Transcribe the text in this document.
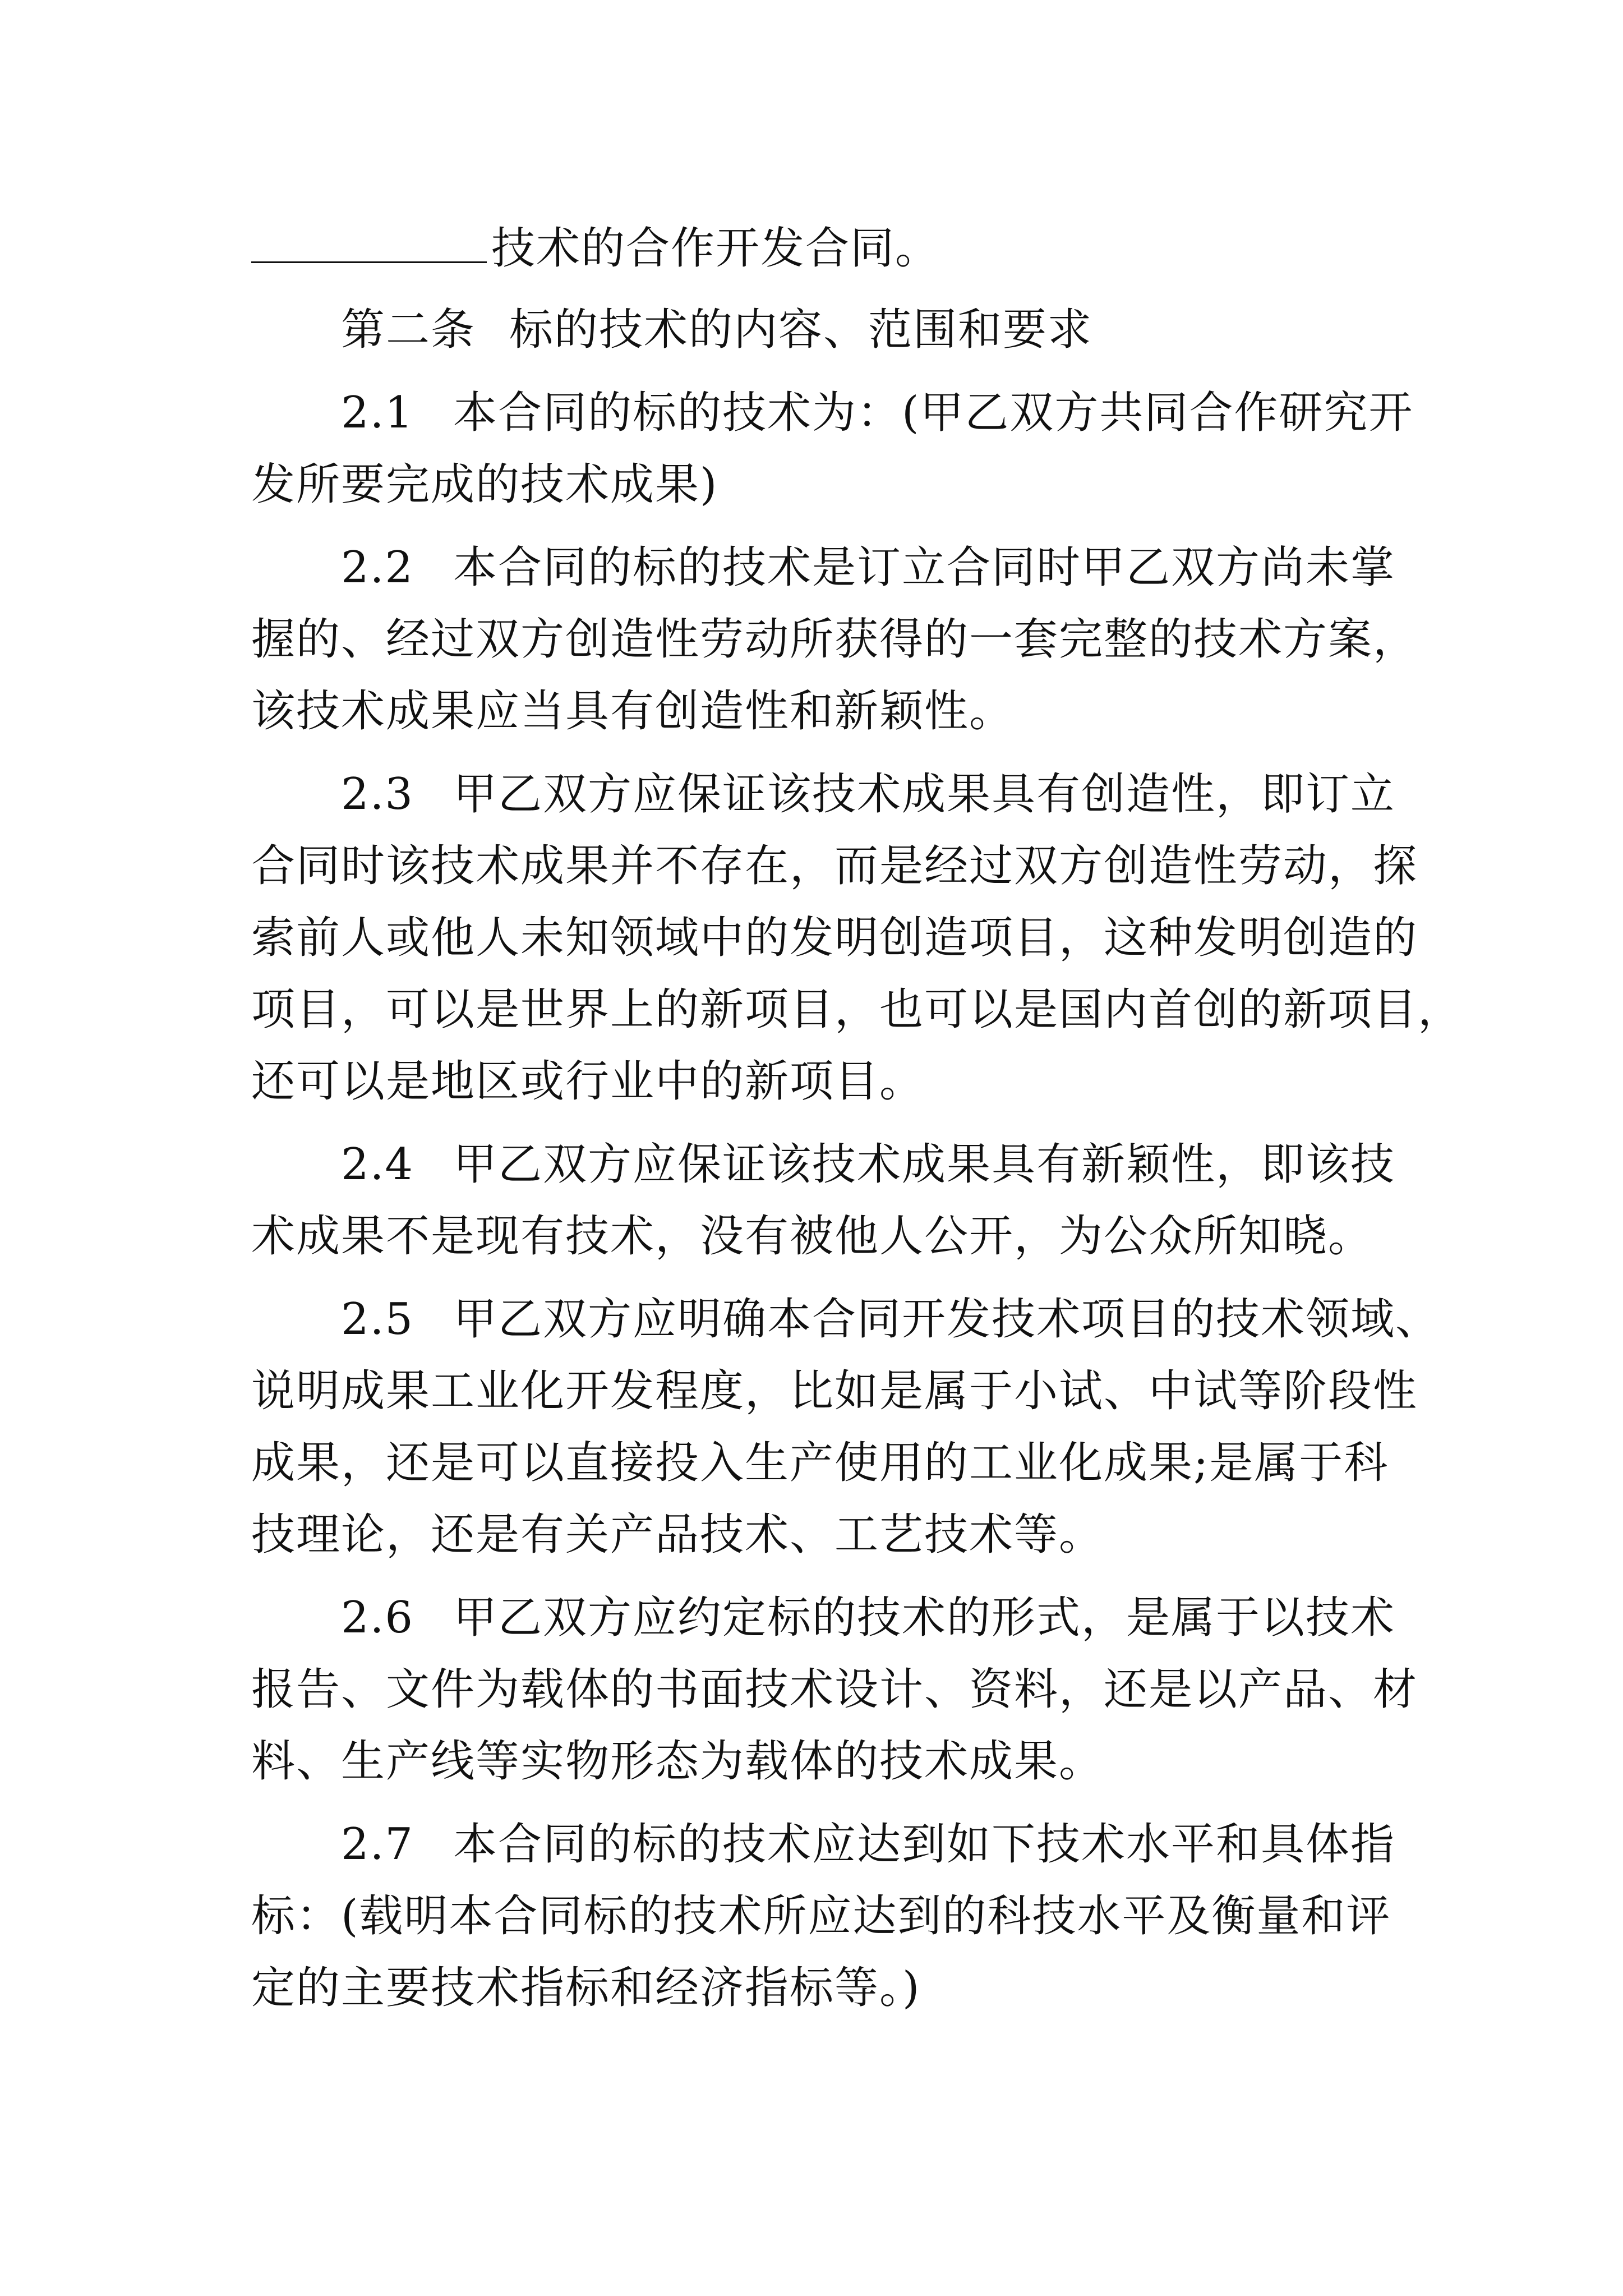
技术的合作开发合同。
第二条 标的技术的内容、范围和要求
2.1 本合同的标的技术为：(甲乙双方共同合作研究开
发所要完成的技术成果)
2.2 本合同的标的技术是订立合同时甲乙双方尚未掌
握的、经过双方创造性劳动所获得的一套完整的技术方案，
该技术成果应当具有创造性和新颖性。
2.3 甲乙双方应保证该技术成果具有创造性，即订立
合同时该技术成果并不存在，而是经过双方创造性劳动，探
索前人或他人未知领域中的发明创造项目，这种发明创造的
项目，可以是世界上的新项目，也可以是国内首创的新项目，
还可以是地区或行业中的新项目。
2.4 甲乙双方应保证该技术成果具有新颖性，即该技
术成果不是现有技术，没有被他人公开，为公众所知晓。
2.5 甲乙双方应明确本合同开发技术项目的技术领域、
说明成果工业化开发程度，比如是属于小试、中试等阶段性
成果，还是可以直接投入生产使用的工业化成果;是属于科
技理论，还是有关产品技术、工艺技术等。
2.6 甲乙双方应约定标的技术的形式，是属于以技术
报告、文件为载体的书面技术设计、资料，还是以产品、材
料、生产线等实物形态为载体的技术成果。
2.7 本合同的标的技术应达到如下技术水平和具体指
标：(载明本合同标的技术所应达到的科技水平及衡量和评
定的主要技术指标和经济指标等。)
